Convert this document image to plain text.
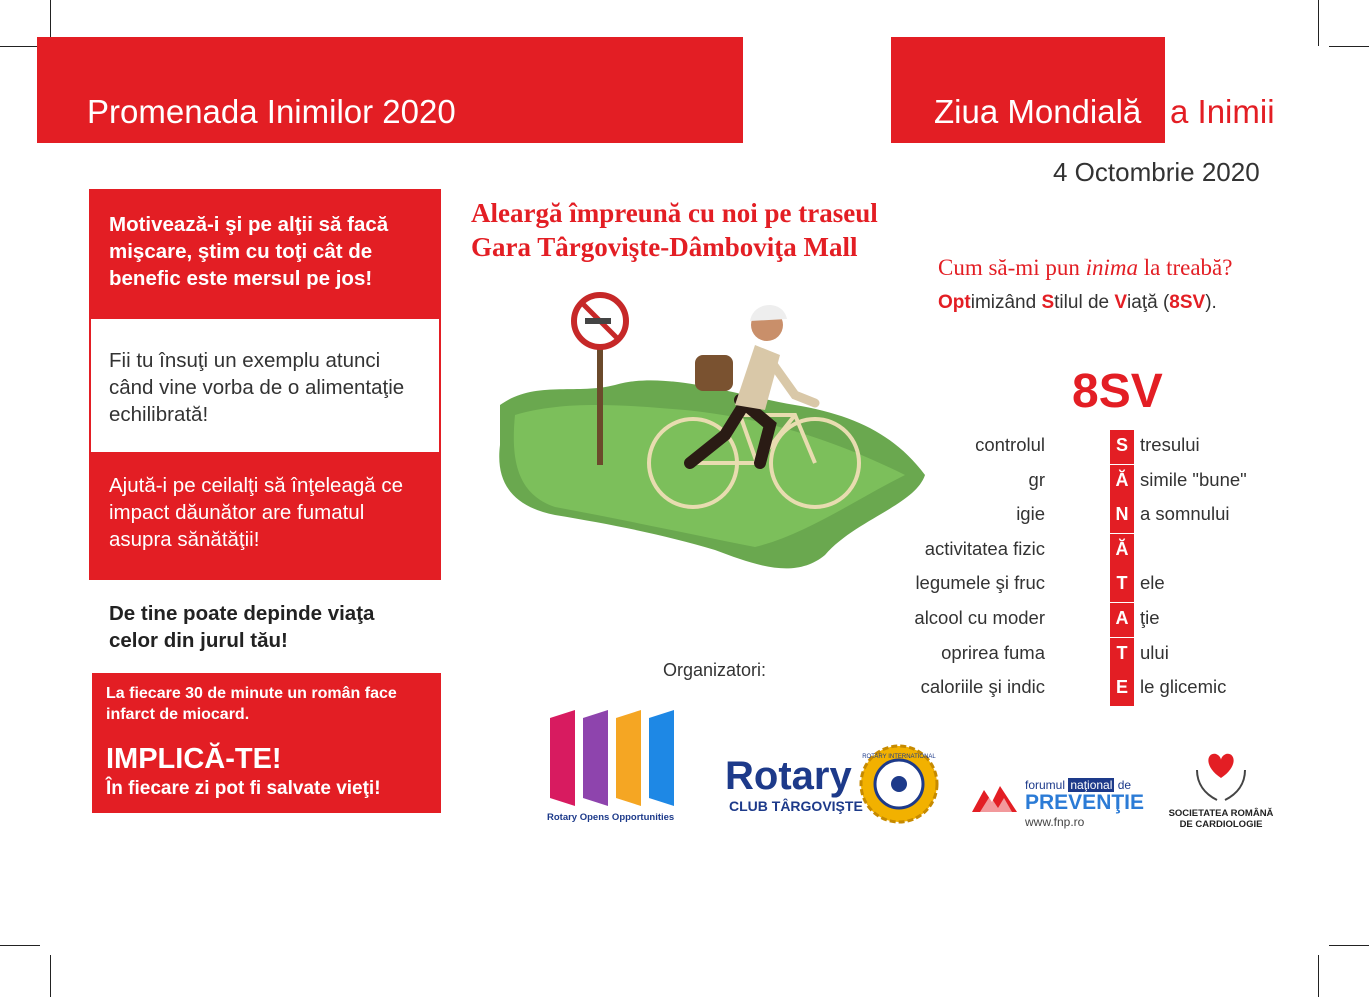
Promenada Inimilor 2020	Ziua Mondială a Inimii
4 Octombrie 2020
Motivează-i şi pe alţii să facă mişcare, ştim cu toţi cât de benefic este mersul pe jos!
Fii tu însuţi un exemplu atunci când vine vorba de o alimentaţie echilibrată!
Ajută-i pe ceilalţi să înţeleagă ce impact dăunător are fumatul asupra sănătăţii!
De tine poate depinde viaţa celor din jurul tău!
La fiecare 30 de minute un român face infarct de miocard.
IMPLICĂ-TE!
În fiecare zi pot fi salvate vieţi!
Aleargă împreună cu noi pe traseul
Gara Târgovişte-Dâmboviţa Mall
Cum să-mi pun inima la treabă?
Optimizând Stilul de Viaţă (8SV).
8SV
controlul	S tresului
gr	Ă simile "bune"
igie	N a somnului
activitatea fizic	Ă
legumele şi fruc	T ele
alcool cu moder	A ţie
oprirea fuma	T ului
caloriile şi indic	E le glicemic
Organizatori:
Rotary Opens Opportunities
Rotary
CLUB TÂRGOVIŞTE
ROTARY INTERNATIONAL
forumul naţional de
PREVENŢIE
www.fnp.ro
SOCIETATEA ROMÂNĂ
DE CARDIOLOGIE
